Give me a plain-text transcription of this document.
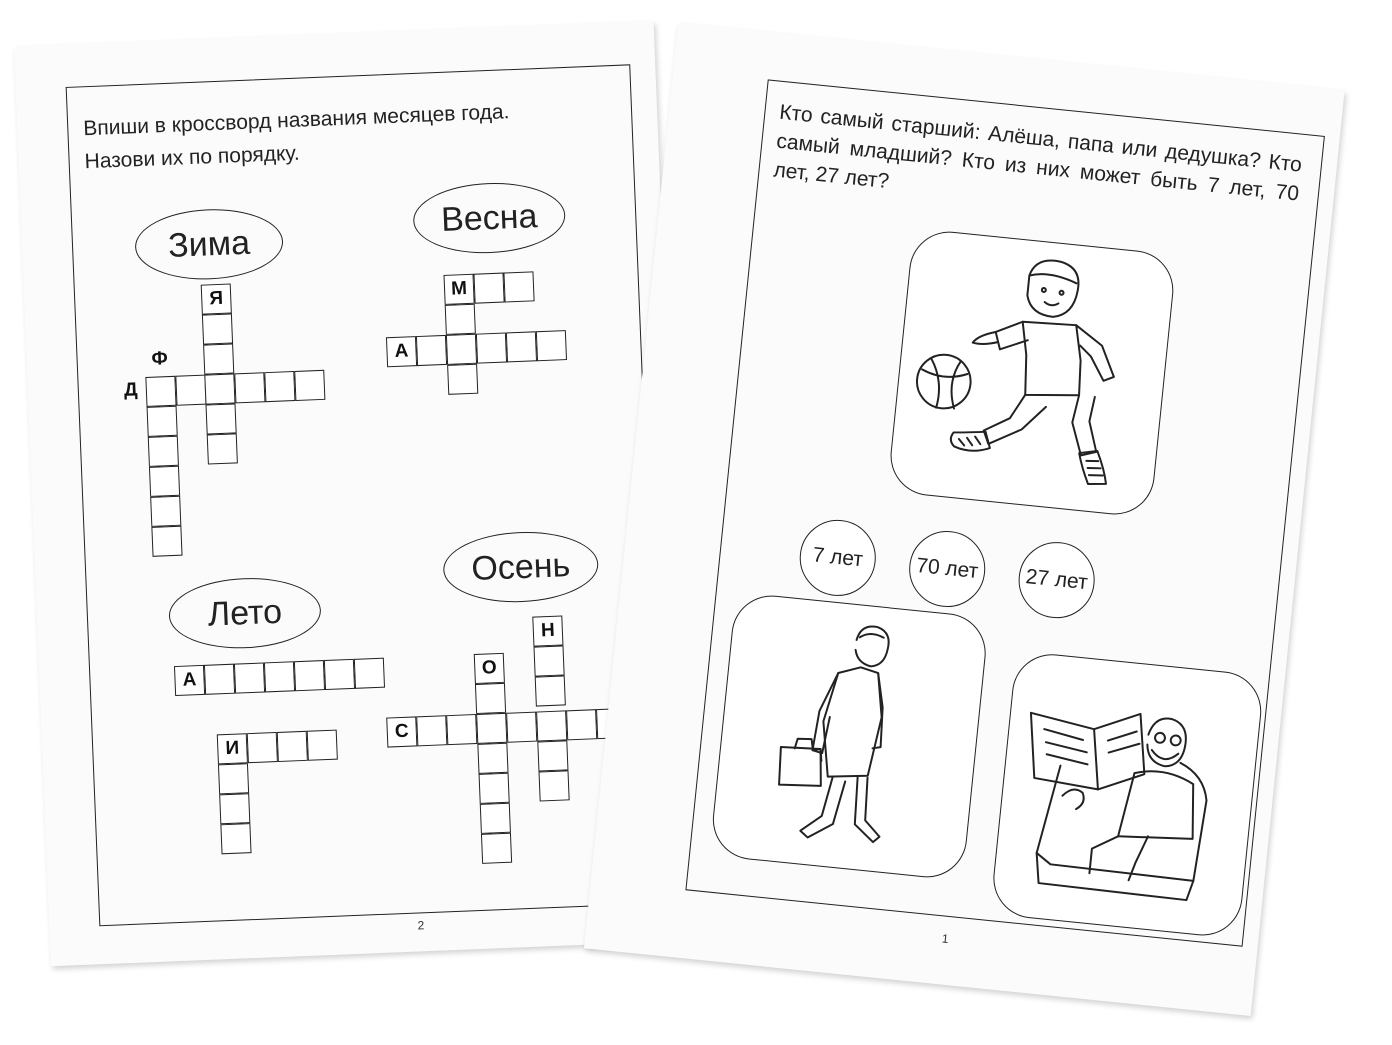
Впиши в кроссворд названия месяцев года.
Назови их по порядку.

Зима
Я
Ф
Д
Весна
М
А
Лето
А
И
Осень
Н
О
С
2

Кто самый старший: Алёша, папа или дедушка? Кто самый младший? Кто из них может быть 7 лет, 70 лет, 27 лет?

7 лет	70 лет	27 лет
1
